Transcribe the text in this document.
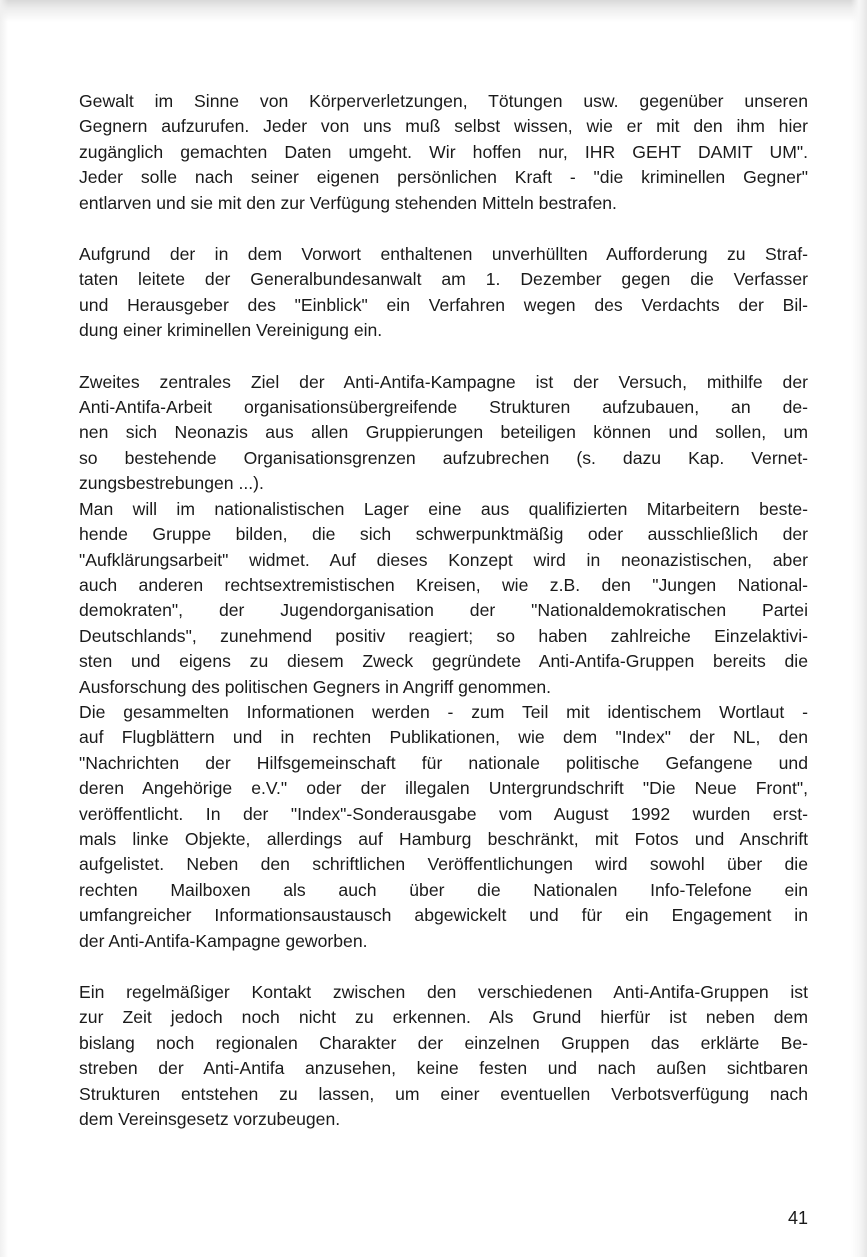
Gewalt im Sinne von Körperverletzungen, Tötungen usw. gegenüber unseren
Gegnern aufzurufen. Jeder von uns muß selbst wissen, wie er mit den ihm hier
zugänglich gemachten Daten umgeht. Wir hoffen nur, IHR GEHT DAMIT UM".
Jeder solle nach seiner eigenen persönlichen Kraft - "die kriminellen Gegner"
entlarven und sie mit den zur Verfügung stehenden Mitteln bestrafen.

Aufgrund der in dem Vorwort enthaltenen unverhüllten Aufforderung zu Straf-
taten leitete der Generalbundesanwalt am 1. Dezember gegen die Verfasser
und Herausgeber des "Einblick" ein Verfahren wegen des Verdachts der Bil-
dung einer kriminellen Vereinigung ein.

Zweites zentrales Ziel der Anti-Antifa-Kampagne ist der Versuch, mithilfe der
Anti-Antifa-Arbeit organisationsübergreifende Strukturen aufzubauen, an de-
nen sich Neonazis aus allen Gruppierungen beteiligen können und sollen, um
so bestehende Organisationsgrenzen aufzubrechen (s. dazu Kap. Vernet-
zungsbestrebungen ...).

Man will im nationalistischen Lager eine aus qualifizierten Mitarbeitern beste-
hende Gruppe bilden, die sich schwerpunktmäßig oder ausschließlich der
"Aufklärungsarbeit" widmet. Auf dieses Konzept wird in neonazistischen, aber
auch anderen rechtsextremistischen Kreisen, wie z.B. den "Jungen National-
demokraten", der Jugendorganisation der "Nationaldemokratischen Partei
Deutschlands", zunehmend positiv reagiert; so haben zahlreiche Einzelaktivi-
sten und eigens zu diesem Zweck gegründete Anti-Antifa-Gruppen bereits die
Ausforschung des politischen Gegners in Angriff genommen.

Die gesammelten Informationen werden - zum Teil mit identischem Wortlaut -
auf Flugblättern und in rechten Publikationen, wie dem "Index" der NL, den
"Nachrichten der Hilfsgemeinschaft für nationale politische Gefangene und
deren Angehörige e.V." oder der illegalen Untergrundschrift "Die Neue Front",
veröffentlicht. In der "Index"-Sonderausgabe vom August 1992 wurden erst-
mals linke Objekte, allerdings auf Hamburg beschränkt, mit Fotos und Anschrift
aufgelistet. Neben den schriftlichen Veröffentlichungen wird sowohl über die
rechten Mailboxen als auch über die Nationalen Info-Telefone ein
umfangreicher Informationsaustausch abgewickelt und für ein Engagement in
der Anti-Antifa-Kampagne geworben.

Ein regelmäßiger Kontakt zwischen den verschiedenen Anti-Antifa-Gruppen ist
zur Zeit jedoch noch nicht zu erkennen. Als Grund hierfür ist neben dem
bislang noch regionalen Charakter der einzelnen Gruppen das erklärte Be-
streben der Anti-Antifa anzusehen, keine festen und nach außen sichtbaren
Strukturen entstehen zu lassen, um einer eventuellen Verbotsverfügung nach
dem Vereinsgesetz vorzubeugen.

41
